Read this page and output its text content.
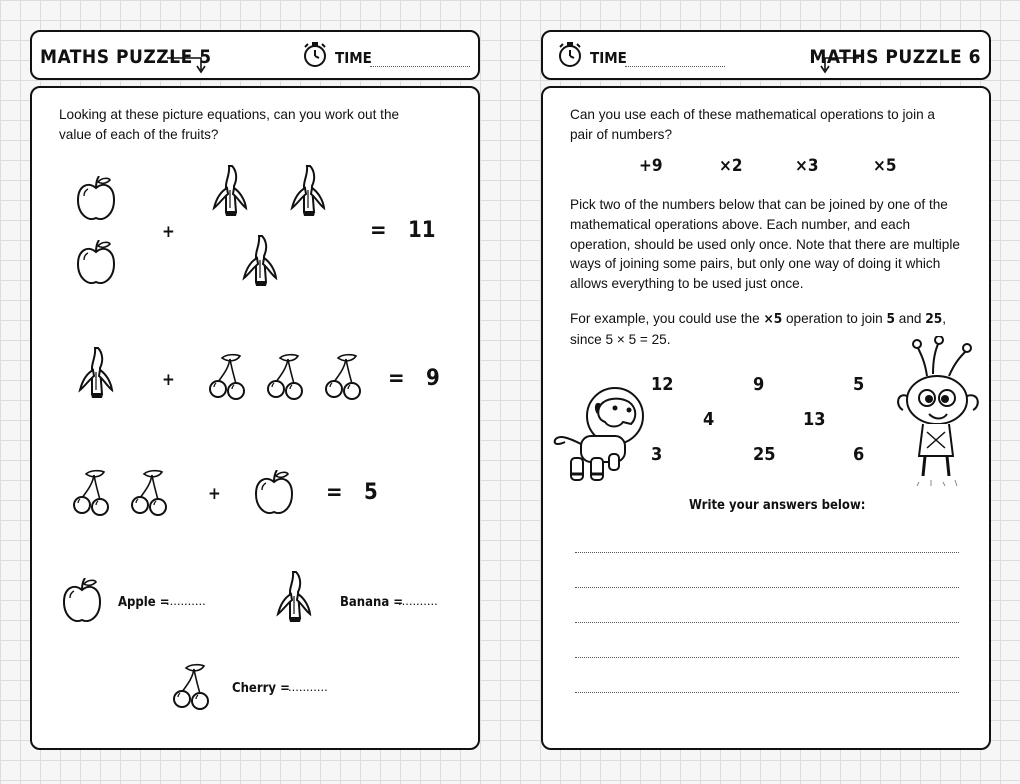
MATHS PUZZLE 5	TIME
Looking at these picture equations, can you work out the value of each of the fruits?
+	= 11
+	= 9
+	= 5
Apple =
...........	Banana =
...........
Cherry =
...........
TIME	MATHS PUZZLE 6
Can you use each of these mathematical operations to join a pair of numbers?
+9	×2	×3	×5
Pick two of the numbers below that can be joined by one of the mathematical operations above. Each number, and each operation, should be used only once. Note that there are multiple ways of joining some pairs, but only one way of doing it which allows everything to be used just once.
For example, you could use the ×5 operation to join 5 and 25,
since 5 × 5 = 25.
12	9	5
4	13
3	25	6
Write your answers below:
